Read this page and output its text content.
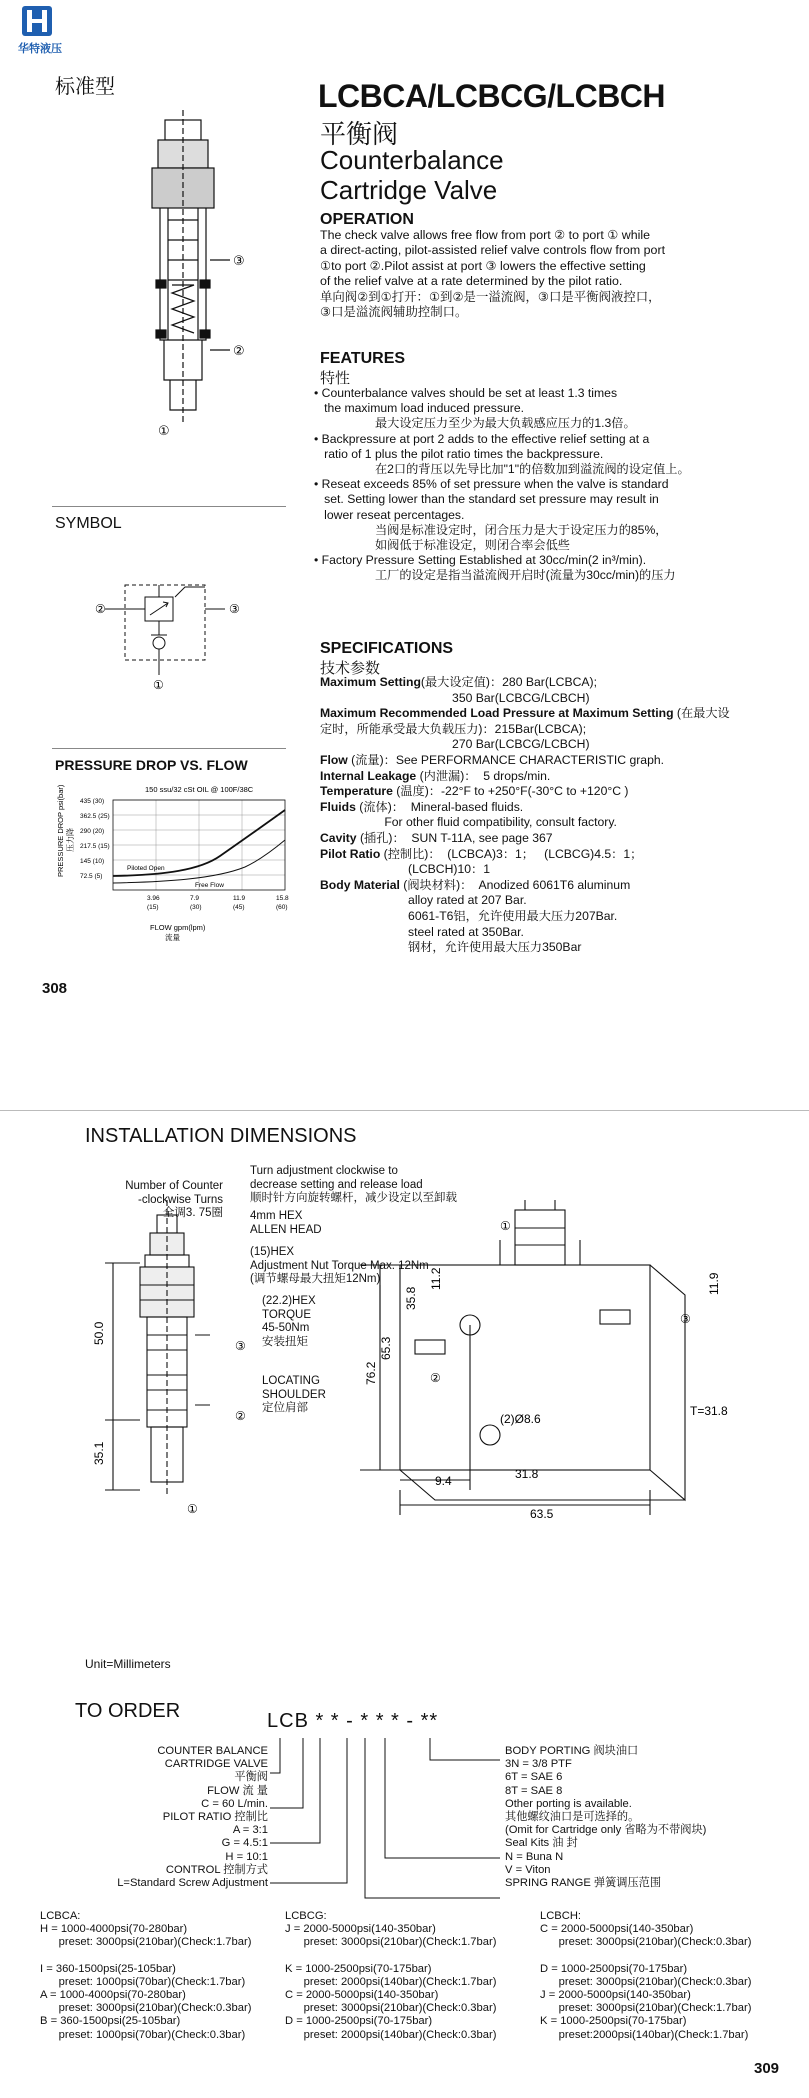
华特液压
标准型	LCBCA/LCBCG/LCBCH
平衡阀
Counterbalance
Cartridge Valve
③
②
①
OPERATION
The check valve allows free flow from port ② to port ① while
a direct-acting, pilot-assisted relief valve controls flow from port
①to port ②.Pilot assist at port ③ lowers the effective setting
of the relief valve at a rate determined by the pilot ratio.
单向阀②到①打开：①到②是一溢流阀，③口是平衡阀液控口，
③口是溢流阀辅助控制口。
FEATURES
特性
• Counterbalance valves should be set at least 1.3 times
the maximum load induced pressure.
最大设定压力至少为最大负载感应压力的1.3倍。
• Backpressure at port 2 adds to the effective relief setting at a
ratio of 1 plus the pilot ratio times the backpressure.
在2口的背压以先导比加"1"的倍数加到溢流阀的设定值上。
• Reseat exceeds 85% of set pressure when the valve is standard
set. Setting lower than the standard set pressure may result in
lower reseat percentages.
当阀是标准设定时，闭合压力是大于设定压力的85%，
如阀低于标准设定，则闭合率会低些
• Factory Pressure Setting Established at 30cc/min(2 in³/min).
工厂的设定是指当溢流阀开启时(流量为30cc/min)的压力
SYMBOL
②	③
①
PRESSURE DROP VS. FLOW
150 ssu/32 cSt OIL @ 100F/38C
PRESSURE DROP psi(bar) 压力降
435 (30)
362.5 (25)
290 (20)
217.5 (15)
145 (10)
72.5 (5)
Piloted Open
Free Flow
3.96
(15)
7.9
(30)
11.9
(45)
15.8
(60)
FLOW gpm(lpm)
流量
308
SPECIFICATIONS
技术参数
Maximum Setting(最大设定值)：280 Bar(LCBCA);
350 Bar(LCBCG/LCBCH)
Maximum Recommended Load Pressure at Maximum Setting (在最大设
定时，所能承受最大负载压力)：215Bar(LCBCA);
270 Bar(LCBCG/LCBCH)
Flow (流量)：See PERFORMANCE CHARACTERISTIC graph.
Internal Leakage (内泄漏)：  5 drops/min.
Temperature (温度)：-22°F to +250°F(-30°C to +120°C )
Fluids (流体)：  Mineral-based fluids.
For other fluid compatibility, consult factory.
Cavity (插孔)：  SUN T-11A, see page 367
Pilot Ratio (控制比)：  (LCBCA)3：1；   (LCBCG)4.5：1；
(LCBCH)10：1
Body Material (阀块材料)：  Anodized 6061T6 aluminum
alloy rated at 207 Bar.
6061-T6铝，允许使用最大压力207Bar.
steel rated at 350Bar.
钢材，允许使用最大压力350Bar
INSTALLATION DIMENSIONS
Number of Counter
-clockwise Turns
全调3. 75圈
Turn adjustment clockwise to
decrease setting and release load
顺时针方向旋转螺杆，减少设定以至卸载
4mm HEX
ALLEN HEAD
(15)HEX
Adjustment Nut Torque Max. 12Nm
(调节螺母最大扭矩12Nm)
(22.2)HEX
TORQUE
45-50Nm
安装扭矩
LOCATING
SHOULDER
定位肩部
50.0
35.1
③
②
①
76.2
65.3
35.8
11.2	11.9
9.4	31.8
63.5
T=31.8
(2)Ø8.6
①
②
③
Unit=Millimeters
TO ORDER	LCB * * - * * * - **
COUNTER BALANCE
CARTRIDGE VALVE
平衡阀
FLOW 流 量
C = 60 L/min.
PILOT RATIO 控制比
A = 3:1
G = 4.5:1
H = 10:1
CONTROL 控制方式
L=Standard Screw Adjustment
BODY PORTING 阀块油口
3N = 3/8 PTF
6T = SAE 6
8T = SAE 8
Other porting is available.
其他螺纹油口是可选择的。
(Omit for Cartridge only 省略为不带阀块)
Seal Kits 油 封
N = Buna N
V = Viton
SPRING RANGE 弹簧调压范围
LCBCA:
H = 1000-4000psi(70-280bar)
preset: 3000psi(210bar)(Check:1.7bar)
I = 360-1500psi(25-105bar)
preset: 1000psi(70bar)(Check:1.7bar)
A = 1000-4000psi(70-280bar)
preset: 3000psi(210bar)(Check:0.3bar)
B = 360-1500psi(25-105bar)
preset: 1000psi(70bar)(Check:0.3bar)
LCBCG:
J = 2000-5000psi(140-350bar)
preset: 3000psi(210bar)(Check:1.7bar)
K = 1000-2500psi(70-175bar)
preset: 2000psi(140bar)(Check:1.7bar)
C = 2000-5000psi(140-350bar)
preset: 3000psi(210bar)(Check:0.3bar)
D = 1000-2500psi(70-175bar)
preset: 2000psi(140bar)(Check:0.3bar)
LCBCH:
C = 2000-5000psi(140-350bar)
preset: 3000psi(210bar)(Check:0.3bar)
D = 1000-2500psi(70-175bar)
preset: 3000psi(210bar)(Check:0.3bar)
J = 2000-5000psi(140-350bar)
preset: 3000psi(210bar)(Check:1.7bar)
K = 1000-2500psi(70-175bar)
preset:2000psi(140bar)(Check:1.7bar)
309
